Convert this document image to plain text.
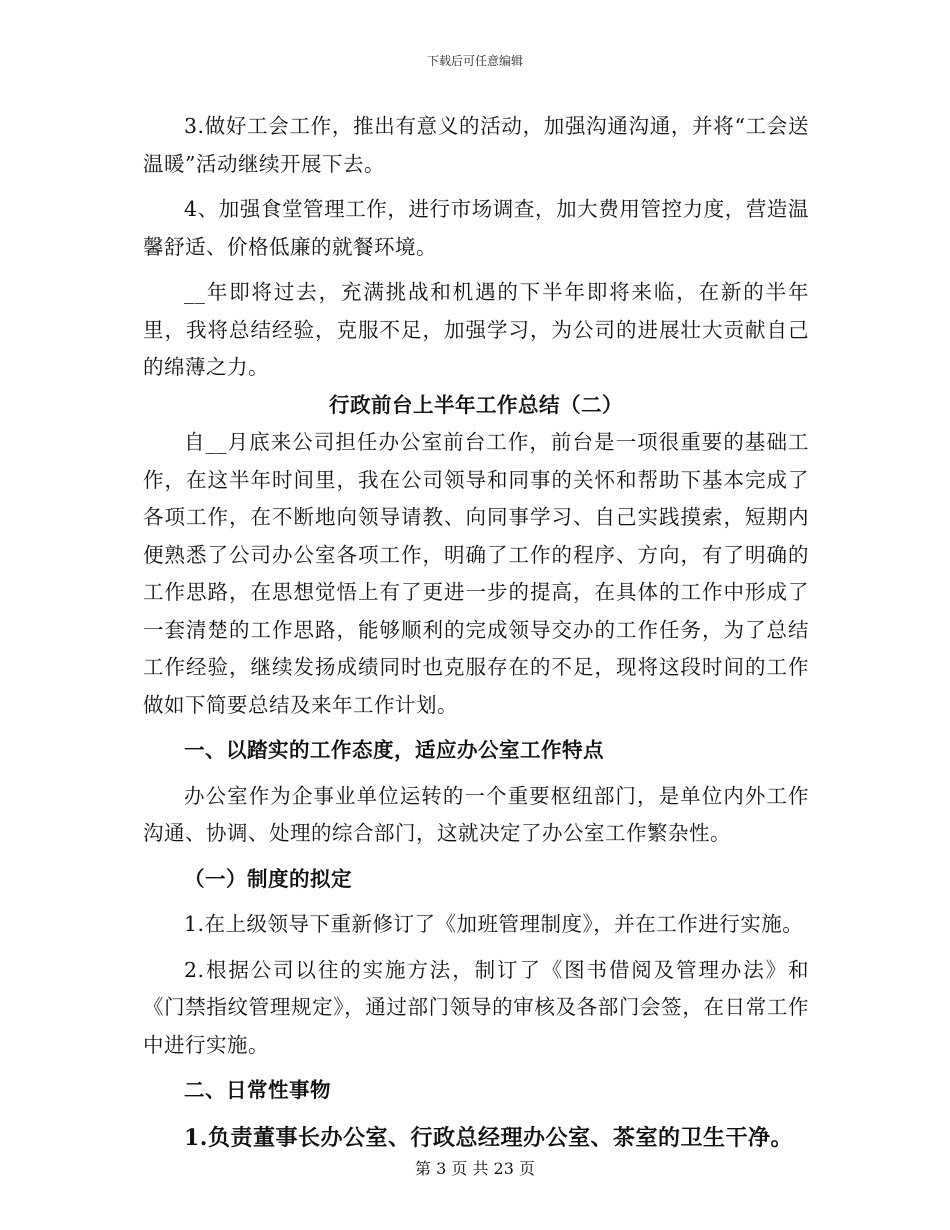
下载后可任意编辑

3.做好工会工作，推出有意义的活动，加强沟通沟通，并将“工会送温暖”活动继续开展下去。

4、加强食堂管理工作，进行市场调查，加大费用管控力度，营造温馨舒适、价格低廉的就餐环境。

__年即将过去，充满挑战和机遇的下半年即将来临，在新的半年里，我将总结经验，克服不足，加强学习，为公司的进展壮大贡献自己的绵薄之力。

行政前台上半年工作总结（二）

自__月底来公司担任办公室前台工作，前台是一项很重要的基础工作，在这半年时间里，我在公司领导和同事的关怀和帮助下基本完成了各项工作，在不断地向领导请教、向同事学习、自己实践摸索，短期内便熟悉了公司办公室各项工作，明确了工作的程序、方向，有了明确的工作思路，在思想觉悟上有了更进一步的提高，在具体的工作中形成了一套清楚的工作思路，能够顺利的完成领导交办的工作任务，为了总结工作经验，继续发扬成绩同时也克服存在的不足，现将这段时间的工作做如下简要总结及来年工作计划。

一、以踏实的工作态度，适应办公室工作特点

办公室作为企事业单位运转的一个重要枢纽部门，是单位内外工作沟通、协调、处理的综合部门，这就决定了办公室工作繁杂性。

（一）制度的拟定

1.在上级领导下重新修订了《加班管理制度》，并在工作进行实施。

2.根据公司以往的实施方法，制订了《图书借阅及管理办法》和《门禁指纹管理规定》，通过部门领导的审核及各部门会签，在日常工作中进行实施。

二、日常性事物

1.负责董事长办公室、行政总经理办公室、茶室的卫生干净。

第 3 页 共 23 页
